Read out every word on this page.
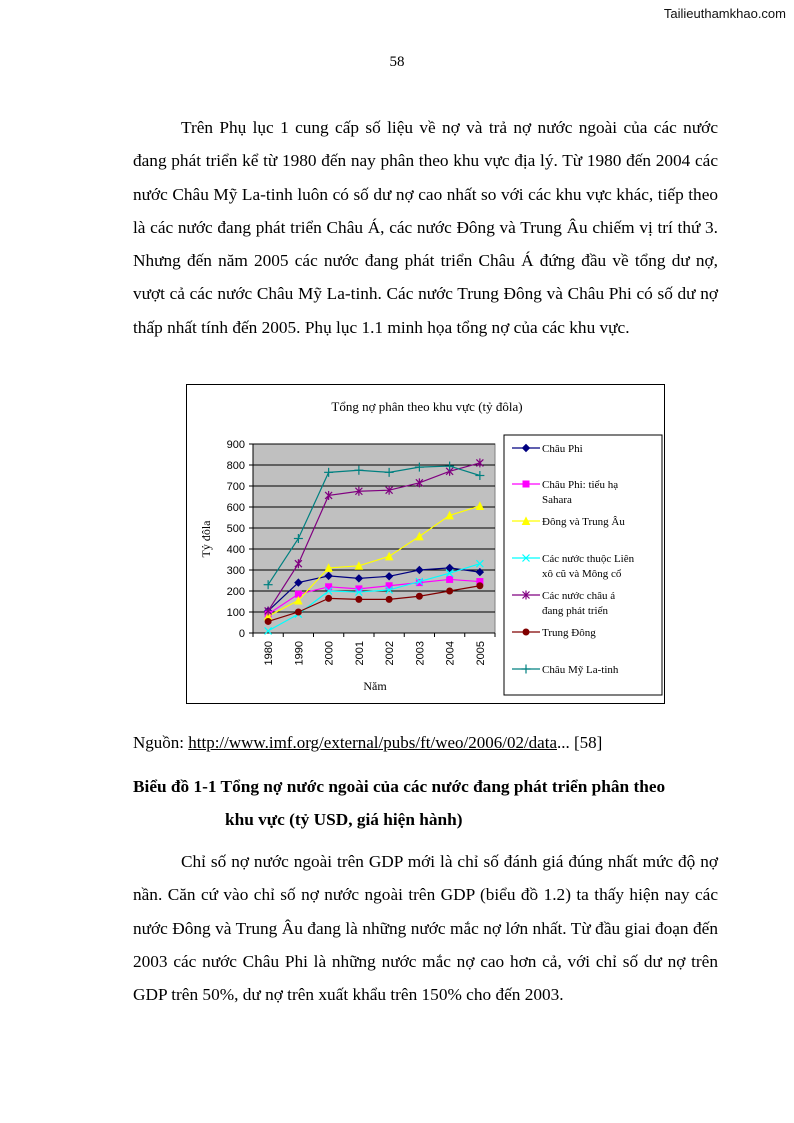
Tailieuthamkhao.com
58

Trên Phụ lục 1 cung cấp số liệu về nợ và trả nợ nước ngoài của các nước đang phát triển kể từ 1980 đến nay phân theo khu vực địa lý. Từ 1980 đến 2004 các nước Châu Mỹ La-tinh luôn có số dư nợ cao nhất so với các khu vực khác, tiếp theo là các nước đang phát triển Châu Á, các nước Đông và Trung Âu chiếm vị trí thứ 3. Nhưng đến năm 2005 các nước đang phát triển Châu Á đứng đầu về tổng dư nợ, vượt cả các nước Châu Mỹ La-tinh. Các nước Trung Đông và Châu Phi có số dư nợ thấp nhất tính đến 2005. Phụ lục 1.1 minh họa tổng nợ của các khu vực.

Tổng nợ phân theo khu vực (tỷ đôla)
Tỷ đôla
Năm
0
100
200
300
400
500
600
700
800
900
1980 1990 2000 2001 2002 2003 2004 2005
Châu Phi
Châu Phi: tiểu hạ Sahara
Đông và Trung Âu
Các nước thuộc Liên xô cũ và Mông cổ
Các nước châu á đang phát triển
Trung Đông
Châu Mỹ La-tinh
Nguồn: http://www.imf.org/external/pubs/ft/weo/2006/02/data... [58]
Biểu đồ 1-1 Tổng nợ nước ngoài của các nước đang phát triển phân theo
khu vực (tỷ USD, giá hiện hành)

Chỉ số nợ nước ngoài trên GDP mới là chỉ số đánh giá đúng nhất mức độ nợ nần. Căn cứ vào chỉ số nợ nước ngoài trên GDP (biểu đồ 1.2) ta thấy hiện nay các nước Đông và Trung Âu đang là những nước mắc nợ lớn nhất. Từ đầu giai đoạn đến 2003 các nước Châu Phi là những nước mắc nợ cao hơn cả, với chỉ số dư nợ trên GDP trên 50%, dư nợ trên xuất khẩu trên 150% cho đến 2003.
